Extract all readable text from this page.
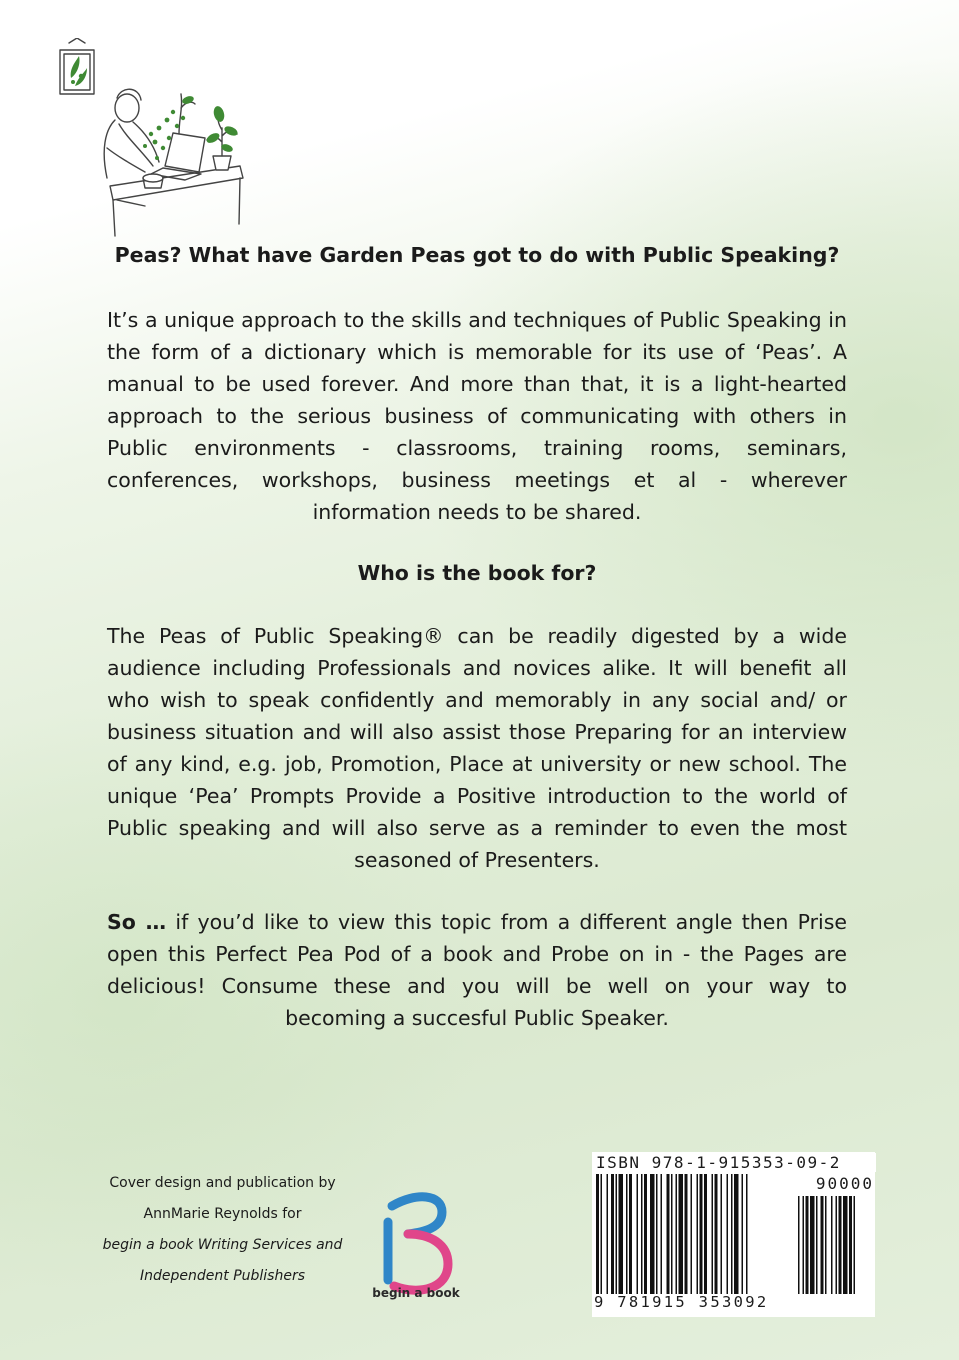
Peas? What have Garden Peas got to do with Public Speaking?
It’s a unique approach to the skills and techniques of Public Speaking in the form of a dictionary which is memorable for its use of ‘Peas’. A manual to be used forever. And more than that, it is a light-hearted approach to the serious business of communicating with others in Public environments - classrooms, training rooms, seminars, conferences, workshops, business meetings et al - wherever information needs to be shared.
Who is the book for?
The Peas of Public Speaking® can be readily digested by a wide audience including Professionals and novices alike. It will benefit all who wish to speak confidently and memorably in any social and/ or business situation and will also assist those Preparing for an interview of any kind, e.g. job, Promotion, Place at university or new school. The unique ‘Pea’ Prompts Provide a Positive introduction to the world of Public speaking and will also serve as a reminder to even the most seasoned of Presenters.
So … if you’d like to view this topic from a different angle then Prise open this Perfect Pea Pod of a book and Probe on in - the Pages are delicious! Consume these and you will be well on your way to becoming a succesful Public Speaker.
Cover design and publication by
AnnMarie Reynolds for
begin a book Writing Services and
Independent Publishers
begin a book
ISBN 978-1-915353-09-2
90000
9 781915 353092
